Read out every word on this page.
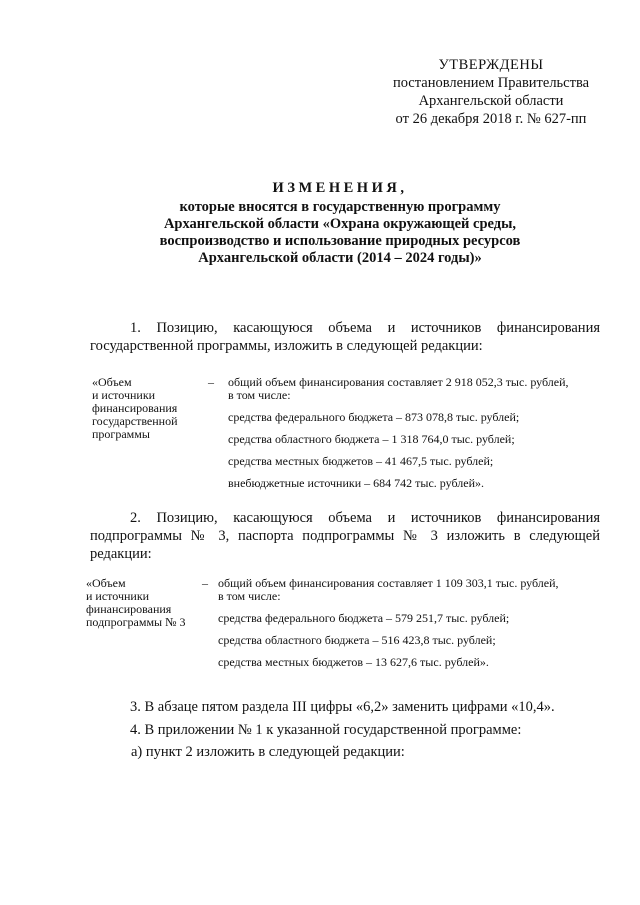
УТВЕРЖДЕНЫ
постановлением Правительства
Архангельской области
от 26 декабря 2018 г. № 627-пп
ИЗМЕНЕНИЯ,
которые вносятся в государственную программу
Архангельской области «Охрана окружающей среды,
воспроизводство и использование природных ресурсов
Архангельской области (2014 – 2024 годы)»
1. Позицию, касающуюся объема и источников финансирования государственной программы, изложить в следующей редакции:
«Объем
и источники
финансирования
государственной
программы
– общий объем финансирования составляет 2 918 052,3 тыс. рублей,
в том числе:
средства федерального бюджета – 873 078,8 тыс. рублей;
средства областного бюджета – 1 318 764,0 тыс. рублей;
средства местных бюджетов – 41 467,5 тыс. рублей;
внебюджетные источники – 684 742 тыс. рублей».
2. Позицию, касающуюся объема и источников финансирования подпрограммы № 3, паспорта подпрограммы № 3 изложить в следующей редакции:
«Объем
и источники
финансирования
подпрограммы № 3
– общий объем финансирования составляет 1 109 303,1 тыс. рублей,
в том числе:
средства федерального бюджета – 579 251,7 тыс. рублей;
средства областного бюджета – 516 423,8 тыс. рублей;
средства местных бюджетов – 13 627,6 тыс. рублей».
3. В абзаце пятом раздела III цифры «6,2» заменить цифрами «10,4».
4. В приложении № 1 к указанной государственной программе:
а) пункт 2 изложить в следующей редакции:
